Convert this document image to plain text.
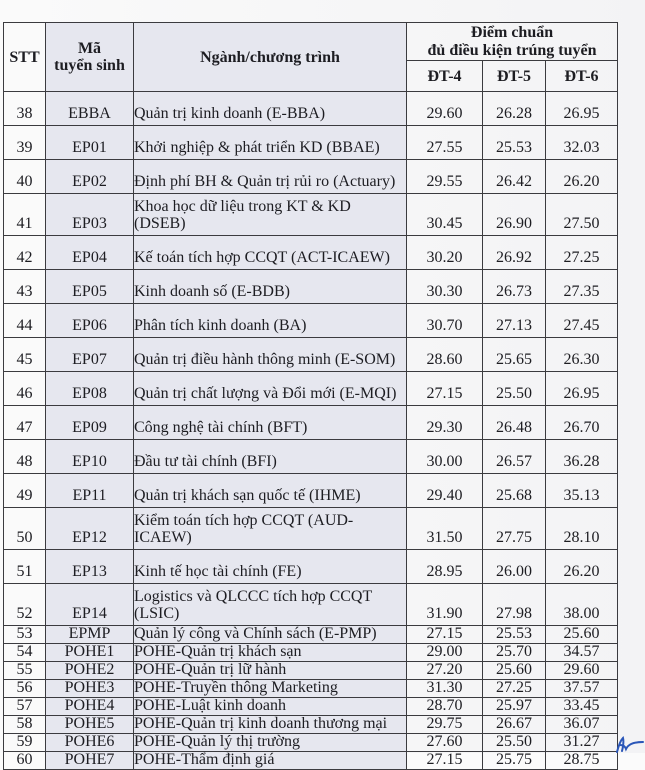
STT	Mã
tuyển sinh	Ngành/chương trình	Điểm chuẩn
đủ điều kiện trúng tuyển		
			ĐT-4	ĐT-5	ĐT-6
38	EBBA	Quản trị kinh doanh (E-BBA)	29.60	26.28	26.95
39	EP01	Khởi nghiệp & phát triển KD (BBAE)	27.55	25.53	32.03
40	EP02	Định phí BH & Quản trị rủi ro (Actuary)	29.55	26.42	26.20
41	EP03	Khoa học dữ liệu trong KT & KD
(DSEB)	30.45	26.90	27.50
42	EP04	Kế toán tích hợp CCQT (ACT-ICAEW)	30.20	26.92	27.25
43	EP05	Kinh doanh số (E-BDB)	30.30	26.73	27.35
44	EP06	Phân tích kinh doanh (BA)	30.70	27.13	27.45
45	EP07	Quản trị điều hành thông minh (E-SOM)	28.60	25.65	26.30
46	EP08	Quản trị chất lượng và Đổi mới (E-MQI)	27.15	25.50	26.95
47	EP09	Công nghệ tài chính (BFT)	29.30	26.48	26.70
48	EP10	Đầu tư tài chính (BFI)	30.00	26.57	36.28
49	EP11	Quản trị khách sạn quốc tế (IHME)	29.40	25.68	35.13
50	EP12	Kiểm toán tích hợp CCQT (AUD-
ICAEW)	31.50	27.75	28.10
51	EP13	Kinh tế học tài chính (FE)	28.95	26.00	26.20
52	EP14	Logistics và QLCCC tích hợp CCQT
(LSIC)	31.90	27.98	38.00
53	EPMP	Quản lý công và Chính sách (E-PMP)	27.15	25.53	25.60
54	POHE1	POHE-Quản trị khách sạn	29.00	25.70	34.57
55	POHE2	POHE-Quản trị lữ hành	27.20	25.60	29.60
56	POHE3	POHE-Truyền thông Marketing	31.30	27.25	37.57
57	POHE4	POHE-Luật kinh doanh	28.70	25.97	33.45
58	POHE5	POHE-Quản trị kinh doanh thương mại	29.75	26.67	36.07
59	POHE6	POHE-Quản lý thị trường	27.60	25.50	31.27
60	POHE7	POHE-Thẩm định giá	27.15	25.75	28.75
